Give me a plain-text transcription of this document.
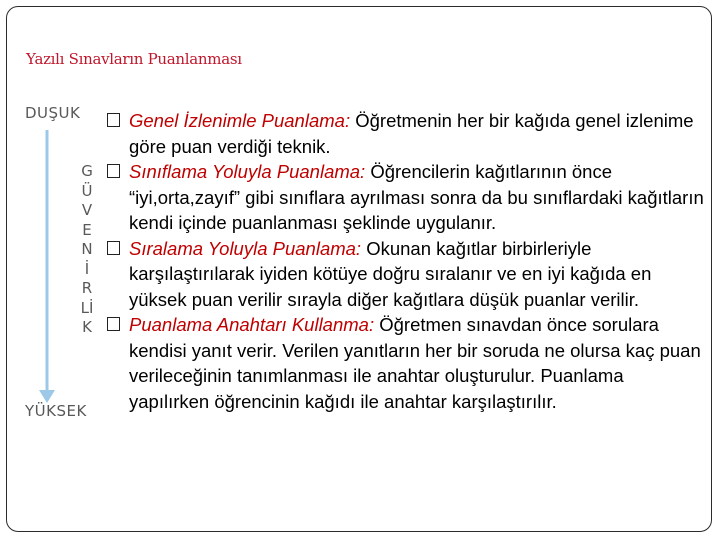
Yazılı Sınavların Puanlanması
DUŞUK
GÜVENİRLİK
YÜKSEK

Genel İzlenimle Puanlama: Öğretmenin her bir kağıda genel izlenime göre puan verdiği teknik.

Sınıflama Yoluyla Puanlama: Öğrencilerin kağıtlarının önce “iyi,orta,zayıf” gibi sınıflara ayrılması sonra da bu sınıflardaki kağıtların kendi içinde puanlanması şeklinde uygulanır.

Sıralama Yoluyla Puanlama: Okunan kağıtlar birbirleriyle karşılaştırılarak iyiden kötüye doğru sıralanır ve en iyi kağıda en yüksek puan verilir sırayla diğer kağıtlara düşük puanlar verilir.

Puanlama Anahtarı Kullanma: Öğretmen sınavdan önce sorulara kendisi yanıt verir. Verilen yanıtların her bir soruda ne olursa kaç puan verileceğinin tanımlanması ile anahtar oluşturulur. Puanlama yapılırken öğrencinin kağıdı ile anahtar karşılaştırılır.
